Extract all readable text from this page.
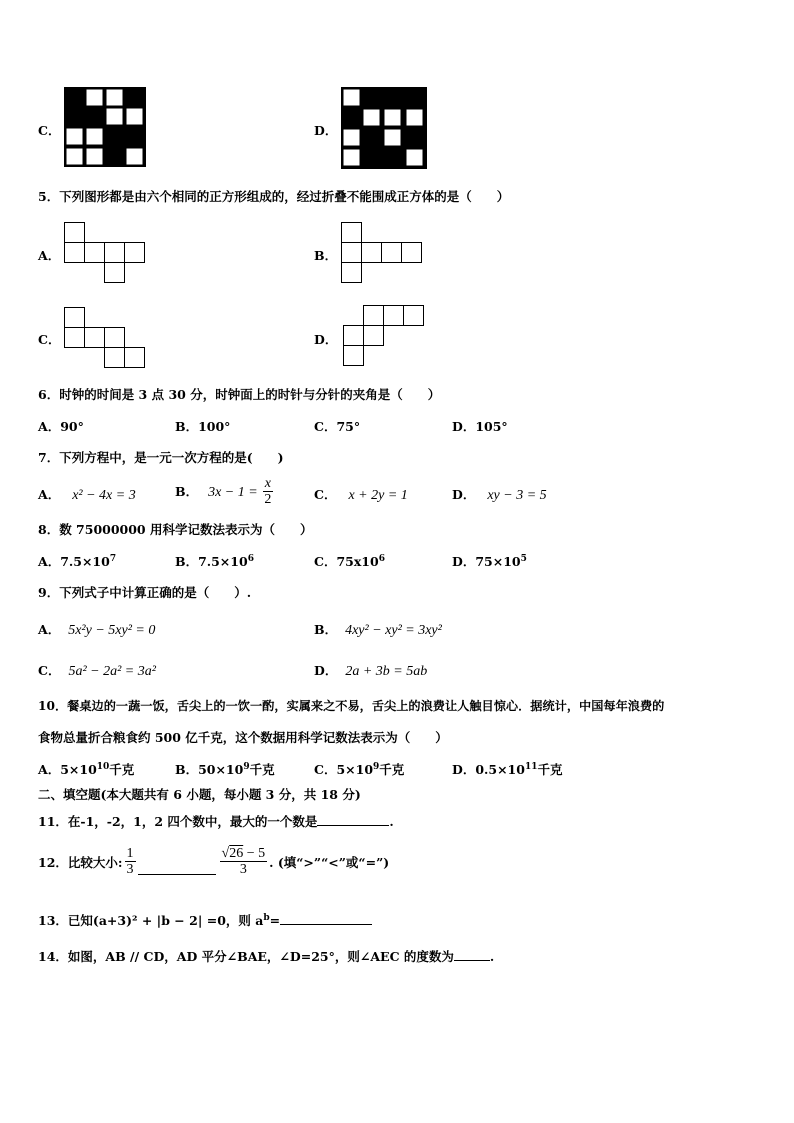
C．	D．
5．下列图形都是由六个相同的正方形组成的，经过折叠不能围成正方体的是（　　）
A．	B．
C．	D．
6．时钟的时间是 3 点 30 分，时钟面上的时针与分针的夹角是（　　）
A．90°	B．100°	C．75°	D．105°
7．下列方程中，是一元一次方程的是(　　)
A． x² − 4x = 3	B． $3x - 1 = \frac{x}{2}$	C． x + 2y = 1	D． xy − 3 = 5
8．数 75000000 用科学记数法表示为（　　）
A．$7.5\times 10^7$	B．$7.5\times 10^6$	C．$75x10^6$	D．$75\times 10^5$
9．下列式子中计算正确的是（　　）.
A． 5x²y − 5xy² = 0	B． 4xy² − xy² = 3xy²
C． 5a² − 2a² = 3a²	D． 2a + 3b = 5ab
10．餐桌边的一蔬一饭，舌尖上的一饮一酌，实属来之不易，舌尖上的浪费让人触目惊心．据统计，中国每年浪费的
食物总量折合粮食约 500 亿千克，这个数据用科学记数法表示为（　　）
A．$5\times 10^{10}$千克	B．$50\times 10^9$千克	C．$5\times 10^9$千克	D．$0.5\times 10^{11}$千克
二、填空题(本大题共有 6 小题，每小题 3 分，共 18 分)
11．在-1，-2，1，2 四个数中，最大的一个数是	.
12．比较大小: $\frac{1}{3}$	$\frac{√26 - 5}{3}$ . (填“>”“<”或“=”)
13．已知(a+3)² + |b − 2| =0，则 $a^b=$
14．如图，AB // CD，AD 平分∠BAE，∠D=25°，则∠AEC 的度数为	.
